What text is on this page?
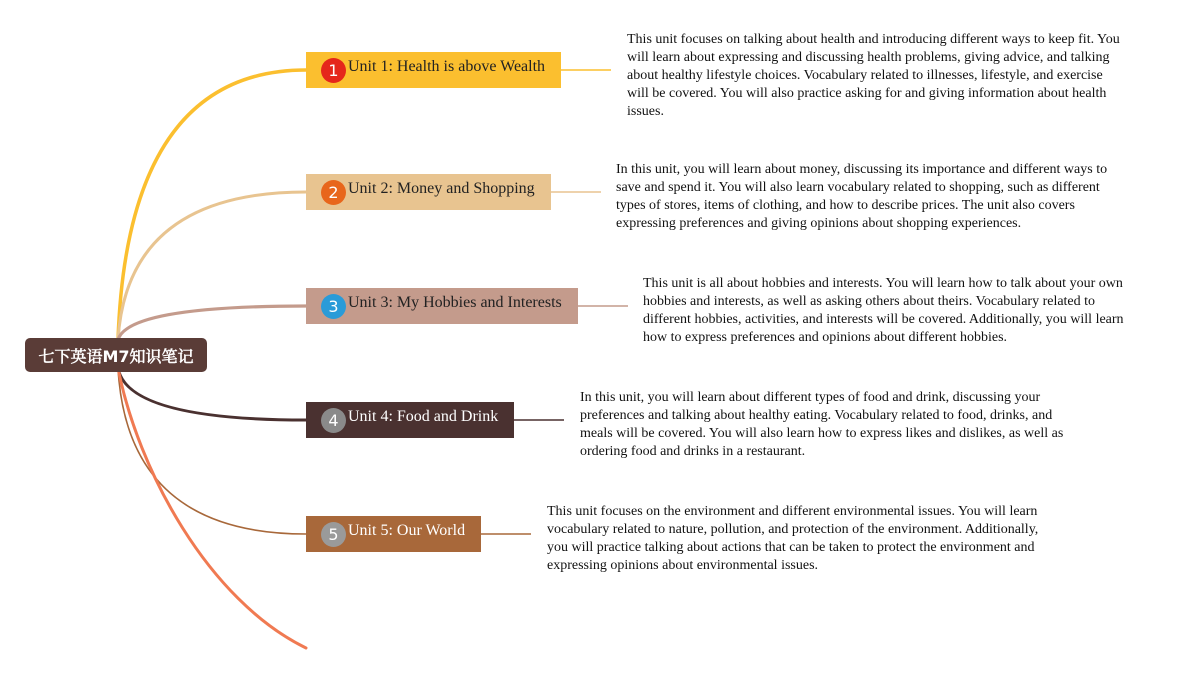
七下英语M7知识笔记
1 Unit 1: Health is above Wealth
This unit focuses on talking about health and introducing different ways to keep fit. You will learn about expressing and discussing health problems, giving advice, and talking about healthy lifestyle choices. Vocabulary related to illnesses, lifestyle, and exercise will be covered. You will also practice asking for and giving information about health issues.
2 Unit 2: Money and Shopping
In this unit, you will learn about money, discussing its importance and different ways to save and spend it. You will also learn vocabulary related to shopping, such as different types of stores, items of clothing, and how to describe prices. The unit also covers expressing preferences and giving opinions about shopping experiences.
3 Unit 3: My Hobbies and Interests
This unit is all about hobbies and interests. You will learn how to talk about your own hobbies and interests, as well as asking others about theirs. Vocabulary related to different hobbies, activities, and interests will be covered. Additionally, you will learn how to express preferences and opinions about different hobbies.
4 Unit 4: Food and Drink
In this unit, you will learn about different types of food and drink, discussing your preferences and talking about healthy eating. Vocabulary related to food, drinks, and meals will be covered. You will also learn how to express likes and dislikes, as well as ordering food and drinks in a restaurant.
5 Unit 5: Our World
This unit focuses on the environment and different environmental issues. You will learn vocabulary related to nature, pollution, and protection of the environment. Additionally, you will practice talking about actions that can be taken to protect the environment and expressing opinions about environmental issues.
